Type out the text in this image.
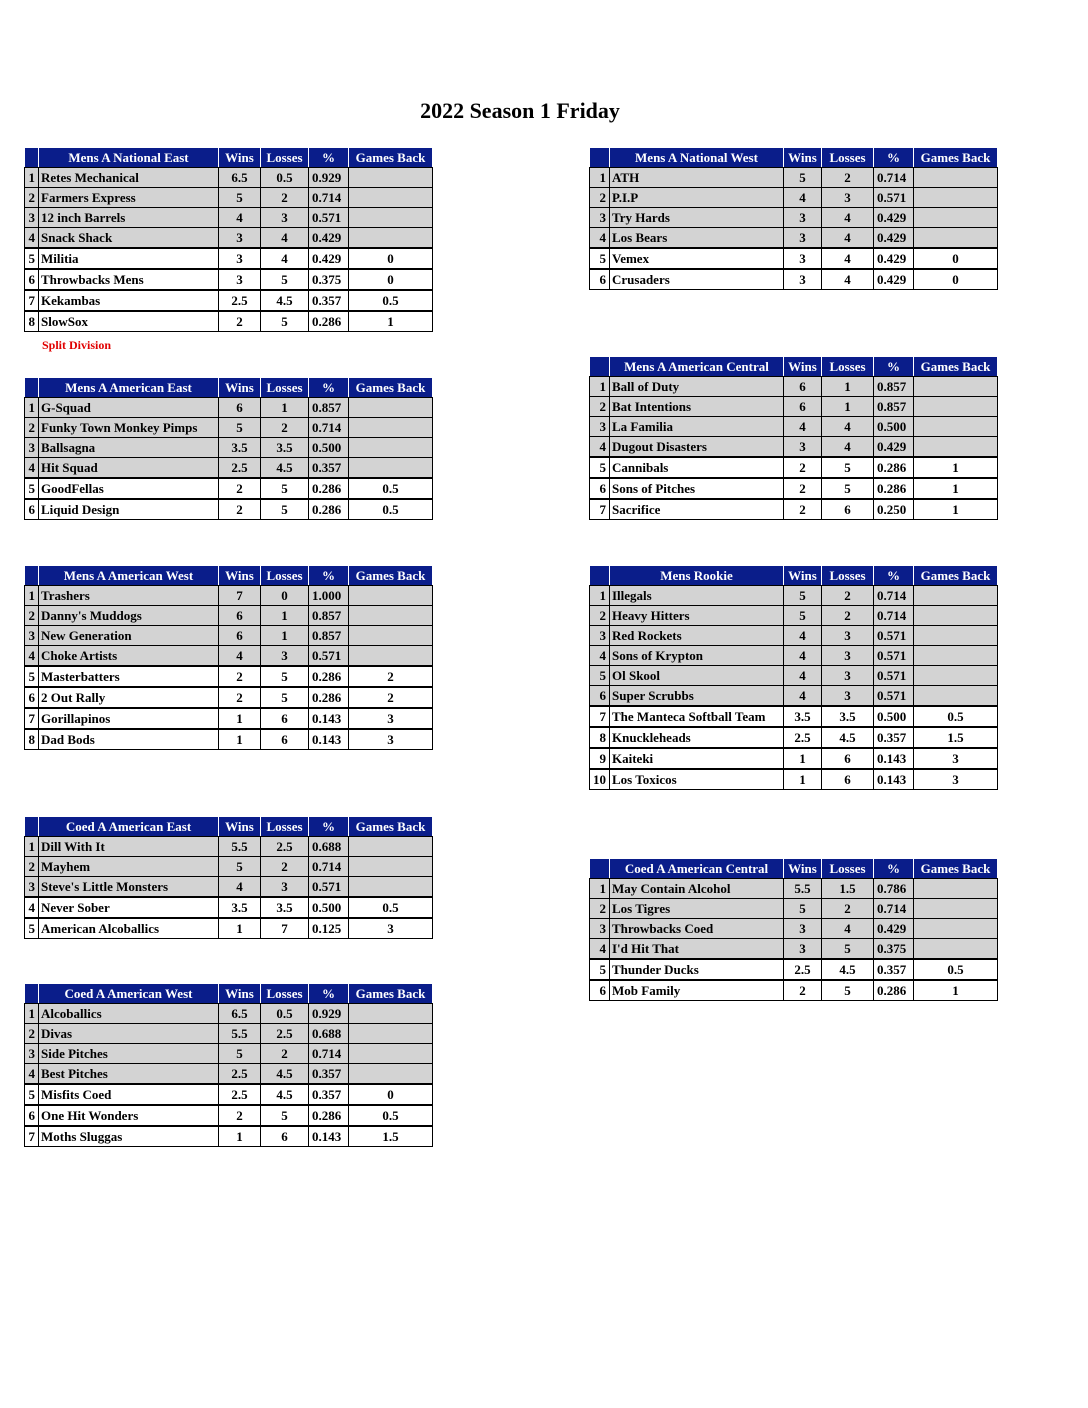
2022 Season 1 Friday
Split Division
	Mens A National East	Wins	Losses	%	Games Back
1	Retes Mechanical	6.5	0.5	0.929	
2	Farmers Express	5	2	0.714	
3	12 inch Barrels	4	3	0.571	
4	Snack Shack	3	4	0.429	
5	Militia	3	4	0.429	0
6	Throwbacks Mens	3	5	0.375	0
7	Kekambas	2.5	4.5	0.357	0.5
8	SlowSox	2	5	0.286	1
	Mens A National West	Wins	Losses	%	Games Back
1	ATH	5	2	0.714	
2	P.I.P	4	3	0.571	
3	Try Hards	3	4	0.429	
4	Los Bears	3	4	0.429	
5	Vemex	3	4	0.429	0
6	Crusaders	3	4	0.429	0
	Mens A American East	Wins	Losses	%	Games Back
1	G-Squad	6	1	0.857	
2	Funky Town Monkey Pimps	5	2	0.714	
3	Ballsagna	3.5	3.5	0.500	
4	Hit Squad	2.5	4.5	0.357	
5	GoodFellas	2	5	0.286	0.5
6	Liquid Design	2	5	0.286	0.5
	Mens A American Central	Wins	Losses	%	Games Back
1	Ball of Duty	6	1	0.857	
2	Bat Intentions	6	1	0.857	
3	La Familia	4	4	0.500	
4	Dugout Disasters	3	4	0.429	
5	Cannibals	2	5	0.286	1
6	Sons of Pitches	2	5	0.286	1
7	Sacrifice	2	6	0.250	1
	Mens A American West	Wins	Losses	%	Games Back
1	Trashers	7	0	1.000	
2	Danny's Muddogs	6	1	0.857	
3	New Generation	6	1	0.857	
4	Choke Artists	4	3	0.571	
5	Masterbatters	2	5	0.286	2
6	2 Out Rally	2	5	0.286	2
7	Gorillapinos	1	6	0.143	3
8	Dad Bods	1	6	0.143	3
	Mens Rookie	Wins	Losses	%	Games Back
1	Illegals	5	2	0.714	
2	Heavy Hitters	5	2	0.714	
3	Red Rockets	4	3	0.571	
4	Sons of Krypton	4	3	0.571	
5	Ol Skool	4	3	0.571	
6	Super Scrubbs	4	3	0.571	
7	The Manteca Softball Team	3.5	3.5	0.500	0.5
8	Knuckleheads	2.5	4.5	0.357	1.5
9	Kaiteki	1	6	0.143	3
10	Los Toxicos	1	6	0.143	3
	Coed A American East	Wins	Losses	%	Games Back
1	Dill With It	5.5	2.5	0.688	
2	Mayhem	5	2	0.714	
3	Steve's Little Monsters	4	3	0.571	
4	Never Sober	3.5	3.5	0.500	0.5
5	American Alcoballics	1	7	0.125	3
	Coed A American Central	Wins	Losses	%	Games Back
1	May Contain Alcohol	5.5	1.5	0.786	
2	Los Tigres	5	2	0.714	
3	Throwbacks Coed	3	4	0.429	
4	I'd Hit That	3	5	0.375	
5	Thunder Ducks	2.5	4.5	0.357	0.5
6	Mob Family	2	5	0.286	1
	Coed A American West	Wins	Losses	%	Games Back
1	Alcoballics	6.5	0.5	0.929	
2	Divas	5.5	2.5	0.688	
3	Side Pitches	5	2	0.714	
4	Best Pitches	2.5	4.5	0.357	
5	Misfits Coed	2.5	4.5	0.357	0
6	One Hit Wonders	2	5	0.286	0.5
7	Moths Sluggas	1	6	0.143	1.5
